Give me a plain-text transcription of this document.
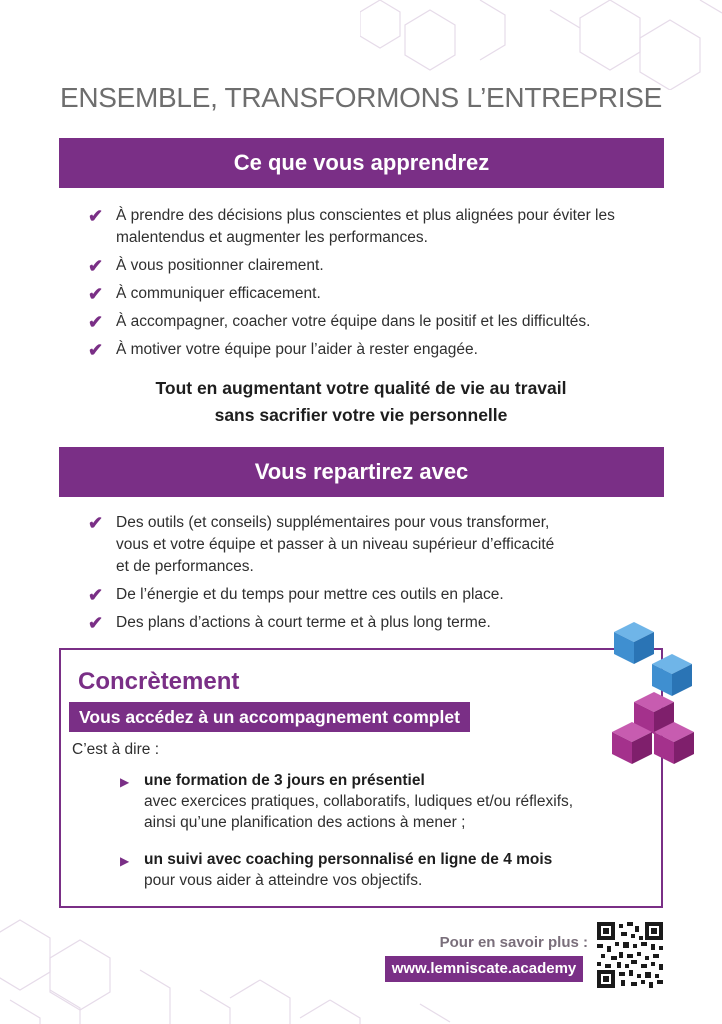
ENSEMBLE, TRANSFORMONS L’ENTREPRISE
Ce que vous apprendrez
✔ À prendre des décisions plus conscientes et plus alignées pour éviter les
malentendus et augmenter les performances.
✔ À vous positionner clairement.
✔ À communiquer efficacement.
✔ À accompagner, coacher votre équipe dans le positif et les difficultés.
✔ À motiver votre équipe pour l’aider à rester engagée.
Tout en augmentant votre qualité de vie au travail
sans sacrifier votre vie personnelle
Vous repartirez avec
✔ Des outils (et conseils) supplémentaires pour vous transformer,
vous et votre équipe et passer à un niveau supérieur d’efficacité
et de performances.
✔ De l’énergie et du temps pour mettre ces outils en place.
✔ Des plans d’actions à court terme et à plus long terme.
Concrètement
Vous accédez à un accompagnement complet
C’est à dire :
▶ une formation de 3 jours en présentiel
avec exercices pratiques, collaboratifs, ludiques et/ou réflexifs,
ainsi qu’une planification des actions à mener ;
▶ un suivi avec coaching personnalisé en ligne de 4 mois
pour vous aider à atteindre vos objectifs.
Pour en savoir plus :
www.lemniscate.academy
